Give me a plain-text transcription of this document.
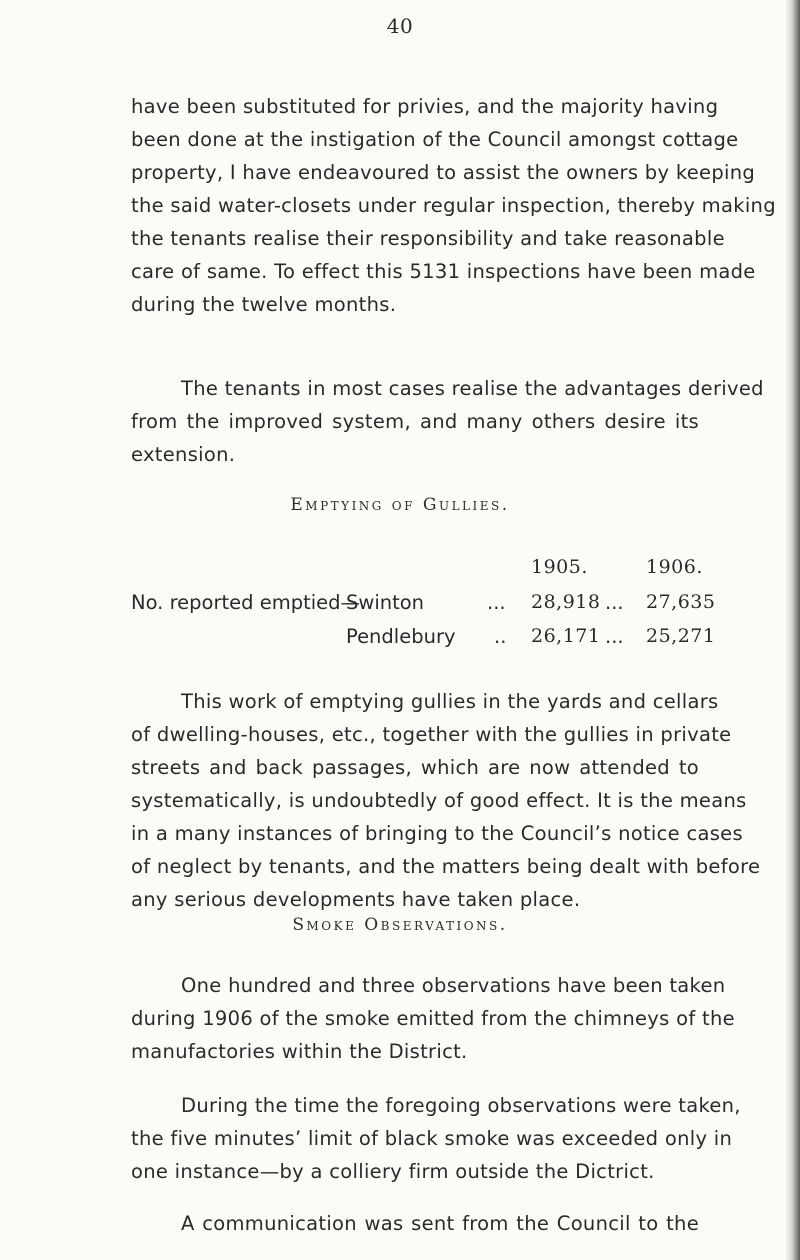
40
have been substituted for privies, and the majority having
been done at the instigation of the Council amongst cottage
property, I have endeavoured to assist the owners by keeping
the said water-closets under regular inspection, thereby making
the tenants realise their responsibility and take reasonable
care of same. To effect this 5131 inspections have been made
during the twelve months.
The tenants in most cases realise the advantages derived
from the improved system, and many others desire its
extension.
Emptying of Gullies.
1905.	1906.
No. reported emptied—
Swinton	... 28,918 ... 27,635
Pendlebury .. 26,171 ... 25,271
This work of emptying gullies in the yards and cellars
of dwelling-houses, etc., together with the gullies in private
streets and back passages, which are now attended to
systematically, is undoubtedly of good effect. It is the means
in a many instances of bringing to the Council’s notice cases
of neglect by tenants, and the matters being dealt with before
any serious developments have taken place.
Smoke Observations.
One hundred and three observations have been taken
during 1906 of the smoke emitted from the chimneys of the
manufactories within the District.
During the time the foregoing observations were taken,
the five minutes’ limit of black smoke was exceeded only in
one instance—by a colliery firm outside the Dictrict.
A communication was sent from the Council to the
